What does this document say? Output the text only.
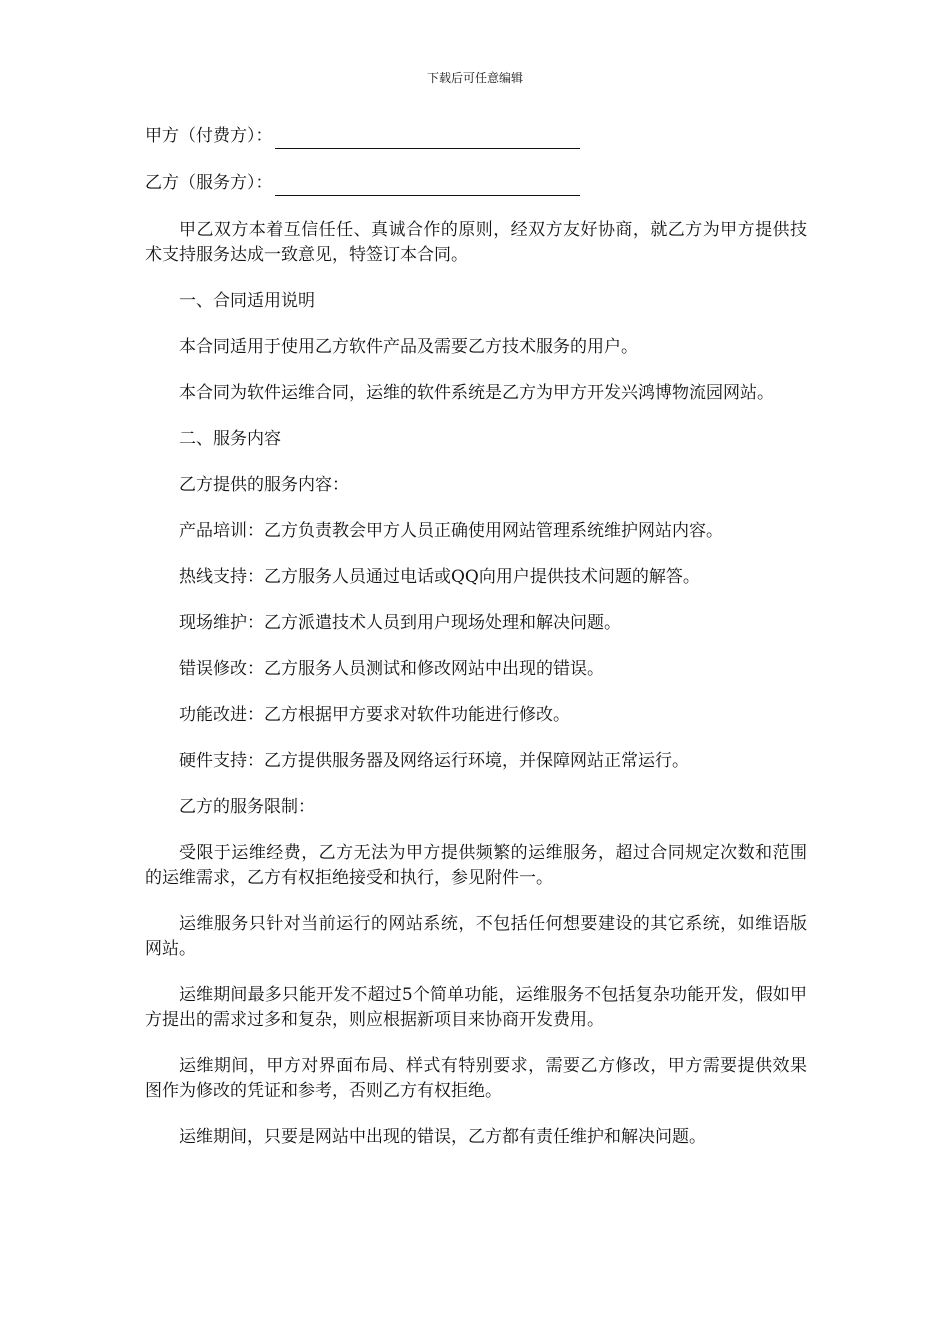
下载后可任意编辑
甲方（付费方）：
乙方（服务方）：

甲乙双方本着互信任任、真诚合作的原则，经双方友好协商，就乙方为甲方提供技术支持服务达成一致意见，特签订本合同。

一、合同适用说明

本合同适用于使用乙方软件产品及需要乙方技术服务的用户。

本合同为软件运维合同，运维的软件系统是乙方为甲方开发兴鸿博物流园网站。

二、服务内容

乙方提供的服务内容：

产品培训：乙方负责教会甲方人员正确使用网站管理系统维护网站内容。

热线支持：乙方服务人员通过电话或QQ向用户提供技术问题的解答。

现场维护：乙方派遣技术人员到用户现场处理和解决问题。

错误修改：乙方服务人员测试和修改网站中出现的错误。

功能改进：乙方根据甲方要求对软件功能进行修改。

硬件支持：乙方提供服务器及网络运行环境，并保障网站正常运行。

乙方的服务限制：

受限于运维经费，乙方无法为甲方提供频繁的运维服务，超过合同规定次数和范围的运维需求，乙方有权拒绝接受和执行，参见附件一。

运维服务只针对当前运行的网站系统，不包括任何想要建设的其它系统，如维语版网站。

运维期间最多只能开发不超过5个简单功能，运维服务不包括复杂功能开发，假如甲方提出的需求过多和复杂，则应根据新项目来协商开发费用。

运维期间，甲方对界面布局、样式有特别要求，需要乙方修改，甲方需要提供效果图作为修改的凭证和参考，否则乙方有权拒绝。

运维期间，只要是网站中出现的错误，乙方都有责任维护和解决问题。
